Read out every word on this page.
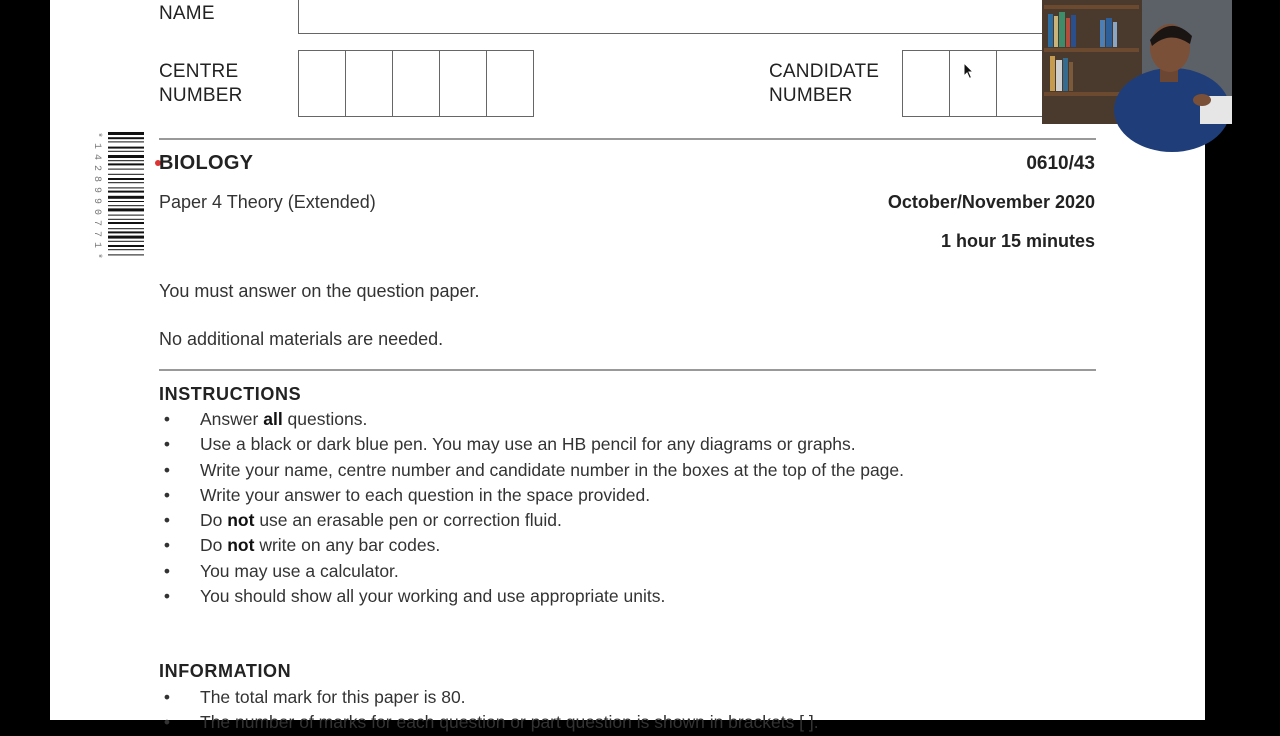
NAME
CENTRE
NUMBER
CANDIDATE
NUMBER
*1428990771*	BIOLOGY	0610/43
Paper 4 Theory (Extended)	October/November 2020
1 hour 15 minutes
You must answer on the question paper.
No additional materials are needed.
INSTRUCTIONS
• Answer all questions.
• Use a black or dark blue pen. You may use an HB pencil for any diagrams or graphs.
• Write your name, centre number and candidate number in the boxes at the top of the page.
• Write your answer to each question in the space provided.
• Do not use an erasable pen or correction fluid.
• Do not write on any bar codes.
• You may use a calculator.
• You should show all your working and use appropriate units.
INFORMATION
• The total mark for this paper is 80.
• The number of marks for each question or part question is shown in brackets [ ].
